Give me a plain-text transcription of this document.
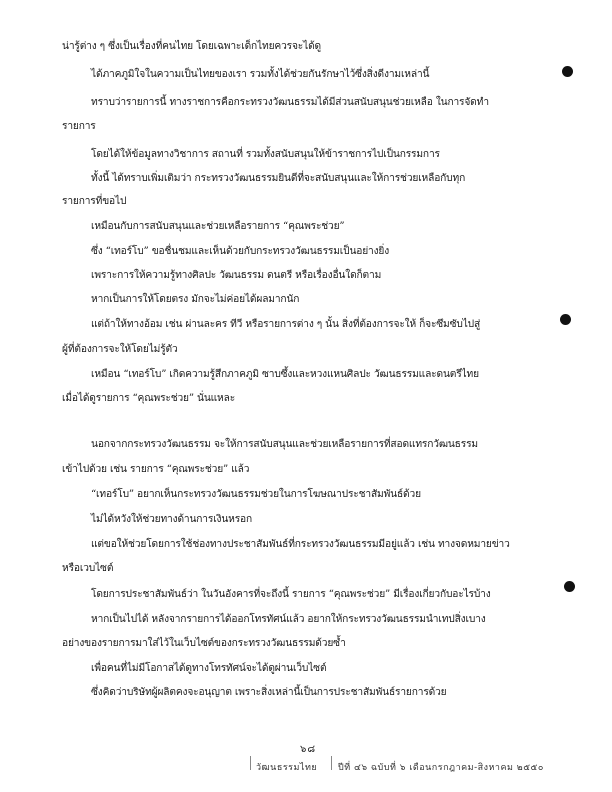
น่ารู้ต่าง ๆ ซึ่งเป็นเรื่องที่คนไทย โดยเฉพาะเด็กไทยควรจะได้ดู
ได้ภาคภูมิใจในความเป็นไทยของเรา รวมทั้งได้ช่วยกันรักษาไว้ซึ่งสิ่งดีงามเหล่านี้
ทราบว่ารายการนี้ ทางราชการคือกระทรวงวัฒนธรรมได้มีส่วนสนับสนุนช่วยเหลือ ในการจัดทำ
รายการ
โดยได้ให้ข้อมูลทางวิชาการ สถานที่ รวมทั้งสนับสนุนให้ข้าราชการไปเป็นกรรมการ
ทั้งนี้ ได้ทราบเพิ่มเติมว่า กระทรวงวัฒนธรรมยินดีที่จะสนับสนุนและให้การช่วยเหลือกับทุก
รายการที่ขอไป
เหมือนกับการสนับสนุนและช่วยเหลือรายการ “คุณพระช่วย”
ซึ่ง “เทอร์โบ” ขอชื่นชมและเห็นด้วยกับกระทรวงวัฒนธรรมเป็นอย่างยิ่ง
เพราะการให้ความรู้ทางศิลปะ วัฒนธรรม ดนตรี หรือเรื่องอื่นใดก็ตาม
หากเป็นการให้โดยตรง มักจะไม่ค่อยได้ผลมากนัก
แต่ถ้าให้ทางอ้อม เช่น ผ่านละคร ทีวี หรือรายการต่าง ๆ นั้น สิ่งที่ต้องการจะให้ ก็จะซึมซับไปสู่
ผู้ที่ต้องการจะให้โดยไม่รู้ตัว
เหมือน “เทอร์โบ” เกิดความรู้สึกภาคภูมิ ซาบซึ้งและหวงแหนศิลปะ วัฒนธรรมและดนตรีไทย
เมื่อได้ดูรายการ “คุณพระช่วย” นั่นแหละ
นอกจากกระทรวงวัฒนธรรม จะให้การสนับสนุนและช่วยเหลือรายการที่สอดแทรกวัฒนธรรม
เข้าไปด้วย เช่น รายการ “คุณพระช่วย” แล้ว
“เทอร์โบ” อยากเห็นกระทรวงวัฒนธรรมช่วยในการโฆษณาประชาสัมพันธ์ด้วย
ไม่ได้หวังให้ช่วยทางด้านการเงินหรอก
แต่ขอให้ช่วยโดยการใช้ช่องทางประชาสัมพันธ์ที่กระทรวงวัฒนธรรมมีอยู่แล้ว เช่น ทางจดหมายข่าว
หรือเวบไซต์
โดยการประชาสัมพันธ์ว่า ในวันอังคารที่จะถึงนี้ รายการ “คุณพระช่วย” มีเรื่องเกี่ยวกับอะไรบ้าง
หากเป็นไปได้ หลังจากรายการได้ออกโทรทัศน์แล้ว อยากให้กระทรวงวัฒนธรรมนำเทปสิ่งเบาง
อย่างของรายการมาใส่ไว้ในเว็บไซต์ของกระทรวงวัฒนธรรมด้วยซ้ำ
เพื่อคนที่ไม่มีโอกาสได้ดูทางโทรทัศน์จะได้ดูผ่านเว็บไซต์
ซึ่งคิดว่าบริษัทผู้ผลิตคงจะอนุญาต เพราะสิ่งเหล่านี้เป็นการประชาสัมพันธ์รายการด้วย
๖๘
วัฒนธรรมไทย ปีที่ ๔๖ ฉบับที่ ๖ เดือนกรกฎาคม-สิงหาคม ๒๕๕๐
